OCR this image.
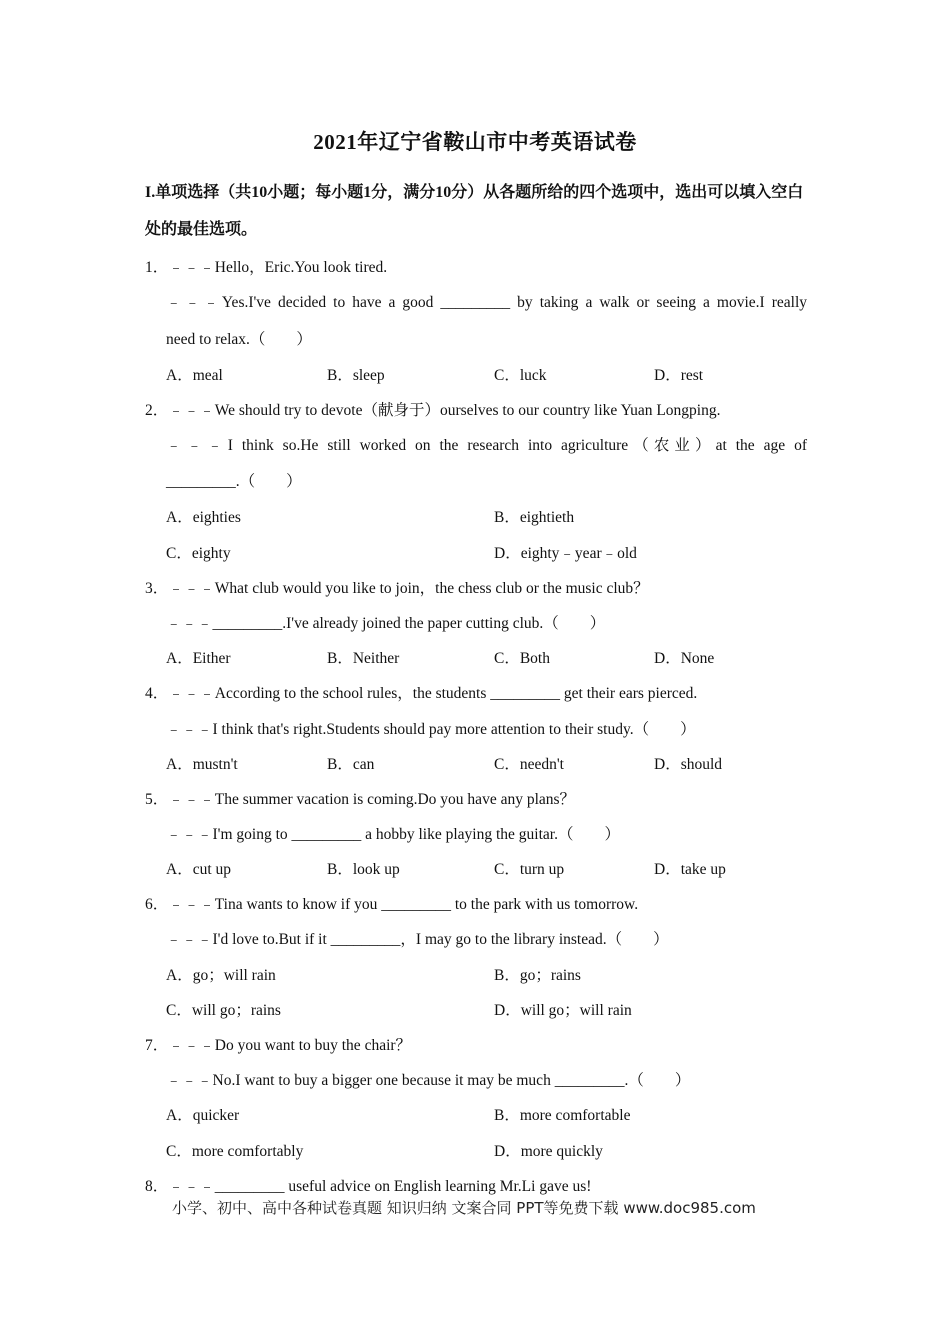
2021年辽宁省鞍山市中考英语试卷
I.单项选择（共10小题；每小题1分，满分10分）从各题所给的四个选项中，选出可以填入空白处的最佳选项。
1．﹣﹣﹣Hello，Eric.You look tired.
﹣﹣﹣Yes.I've decided to have a good _________ by taking a walk or seeing a movie.I really
need to relax.（　　）
A．meal	B．sleep	C．luck	D．rest
2．﹣﹣﹣We should try to devote（献身于）ourselves to our country like Yuan Longping.
﹣﹣﹣I think so.He still worked on the research into agriculture（农业）at the age of
_________.（　　）
A．eighties	B．eightieth
C．eighty	D．eighty﹣year﹣old
3．﹣﹣﹣What club would you like to join，the chess club or the music club？
﹣﹣﹣_________.I've already joined the paper cutting club.（　　）
A．Either	B．Neither	C．Both	D．None
4．﹣﹣﹣According to the school rules，the students _________ get their ears pierced.
﹣﹣﹣I think that's right.Students should pay more attention to their study.（　　）
A．mustn't	B．can	C．needn't	D．should
5．﹣﹣﹣The summer vacation is coming.Do you have any plans？
﹣﹣﹣I'm going to _________ a hobby like playing the guitar.（　　）
A．cut up	B．look up	C．turn up	D．take up
6．﹣﹣﹣Tina wants to know if you _________ to the park with us tomorrow.
﹣﹣﹣I'd love to.But if it _________，I may go to the library instead.（　　）
A．go；will rain	B．go；rains
C．will go；rains	D．will go；will rain
7．﹣﹣﹣Do you want to buy the chair？
﹣﹣﹣No.I want to buy a bigger one because it may be much _________.（　　）
A．quicker	B．more comfortable
C．more comfortably	D．more quickly
8．﹣﹣﹣_________ useful advice on English learning Mr.Li gave us!
小学、初中、高中各种试卷真题 知识归纳 文案合同 PPT等免费下载 www.doc985.com
